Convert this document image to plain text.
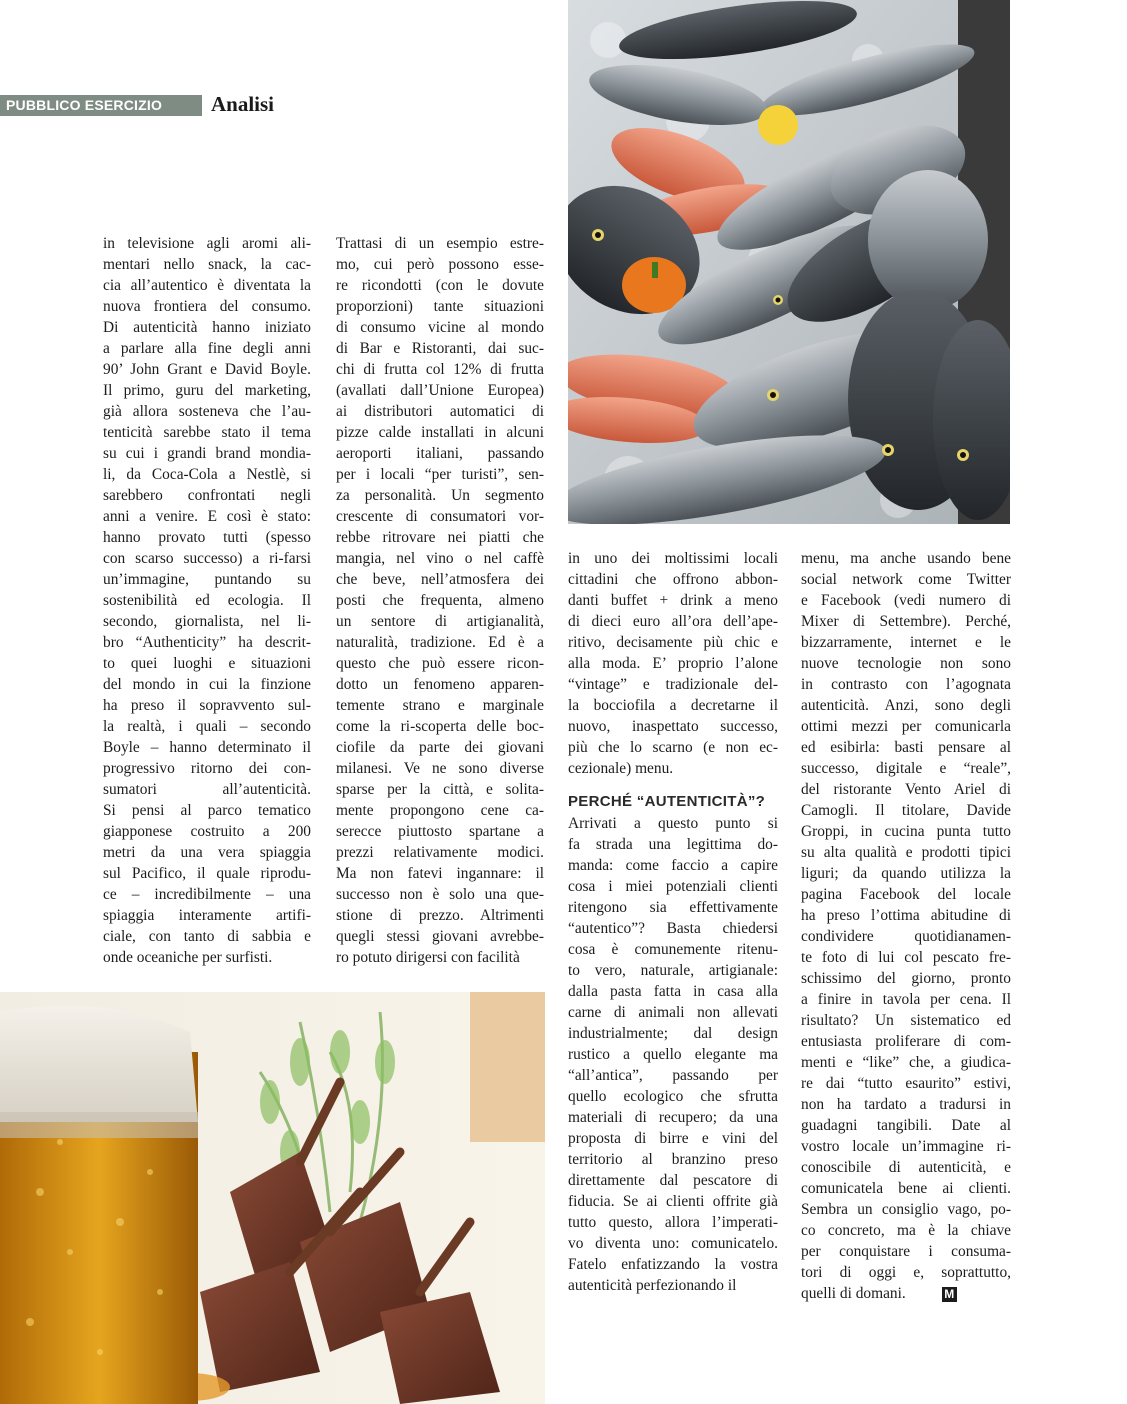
PUBBLICO ESERCIZIO Analisi
in televisione agli aromi ali-
mentari nello snack, la cac-
cia all’autentico è diventata la
nuova frontiera del consumo.
Di autenticità hanno iniziato
a parlare alla fine degli anni
90’ John Grant e David Boyle.
Il primo, guru del marketing,
già allora sosteneva che l’au-
tenticità sarebbe stato il tema
su cui i grandi brand mondia-
li, da Coca-Cola a Nestlè, si
sarebbero confrontati negli
anni a venire. E così è stato:
hanno provato tutti (spesso
con scarso successo) a ri-farsi
un’immagine, puntando su
sostenibilità ed ecologia. Il
secondo, giornalista, nel li-
bro “Authenticity” ha descrit-
to quei luoghi e situazioni
del mondo in cui la finzione
ha preso il sopravvento sul-
la realtà, i quali – secondo
Boyle – hanno determinato il
progressivo ritorno dei con-
sumatori all’autenticità.
Si pensi al parco tematico
giapponese costruito a 200
metri da una vera spiaggia
sul Pacifico, il quale riprodu-
ce – incredibilmente – una
spiaggia interamente artifi-
ciale, con tanto di sabbia e
onde oceaniche per surfisti.
Trattasi di un esempio estre-
mo, cui però possono esse-
re ricondotti (con le dovute
proporzioni) tante situazioni
di consumo vicine al mondo
di Bar e Ristoranti, dai suc-
chi di frutta col 12% di frutta
(avallati dall’Unione Europea)
ai distributori automatici di
pizze calde installati in alcuni
aeroporti italiani, passando
per i locali “per turisti”, sen-
za personalità. Un segmento
crescente di consumatori vor-
rebbe ritrovare nei piatti che
mangia, nel vino o nel caffè
che beve, nell’atmosfera dei
posti che frequenta, almeno
un sentore di artigianalità,
naturalità, tradizione. Ed è a
questo che può essere ricon-
dotto un fenomeno apparen-
temente strano e marginale
come la ri-scoperta delle boc-
ciofile da parte dei giovani
milanesi. Ve ne sono diverse
sparse per la città, e solita-
mente propongono cene ca-
serecce piuttosto spartane a
prezzi relativamente modici.
Ma non fatevi ingannare: il
successo non è solo una que-
stione di prezzo. Altrimenti
quegli stessi giovani avrebbe-
ro potuto dirigersi con facilità
in uno dei moltissimi locali
cittadini che offrono abbon-
danti buffet + drink a meno
di dieci euro all’ora dell’ape-
ritivo, decisamente più chic e
alla moda. E’ proprio l’alone
“vintage” e tradizionale del-
la bocciofila a decretarne il
nuovo, inaspettato successo,
più che lo scarno (e non ec-
cezionale) menu.
PERCHÉ “AUTENTICITÀ”?
Arrivati a questo punto si
fa strada una legittima do-
manda: come faccio a capire
cosa i miei potenziali clienti
ritengono sia effettivamente
“autentico”? Basta chiedersi
cosa è comunemente ritenu-
to vero, naturale, artigianale:
dalla pasta fatta in casa alla
carne di animali non allevati
industrialmente; dal design
rustico a quello elegante ma
“all’antica”, passando per
quello ecologico che sfrutta
materiali di recupero; da una
proposta di birre e vini del
territorio al branzino preso
direttamente dal pescatore di
fiducia. Se ai clienti offrite già
tutto questo, allora l’imperati-
vo diventa uno: comunicatelo.
Fatelo enfatizzando la vostra
autenticità perfezionando il
menu, ma anche usando bene
social network come Twitter
e Facebook (vedi numero di
Mixer di Settembre). Perché,
bizzarramente, internet e le
nuove tecnologie non sono
in contrasto con l’agognata
autenticità. Anzi, sono degli
ottimi mezzi per comunicarla
ed esibirla: basti pensare al
successo, digitale e “reale”,
del ristorante Vento Ariel di
Camogli. Il titolare, Davide
Groppi, in cucina punta tutto
su alta qualità e prodotti tipici
liguri; da quando utilizza la
pagina Facebook del locale
ha preso l’ottima abitudine di
condividere quotidianamen-
te foto di lui col pescato fre-
schissimo del giorno, pronto
a finire in tavola per cena. Il
risultato? Un sistematico ed
entusiasta proliferare di com-
menti e “like” che, a giudica-
re dai “tutto esaurito” estivi,
non ha tardato a tradursi in
guadagni tangibili. Date al
vostro locale un’immagine ri-
conoscibile di autenticità, e
comunicatela bene ai clienti.
Sembra un consiglio vago, po-
co concreto, ma è la chiave
per conquistare i consuma-
tori di oggi e, soprattutto,
quelli di domani.	M
